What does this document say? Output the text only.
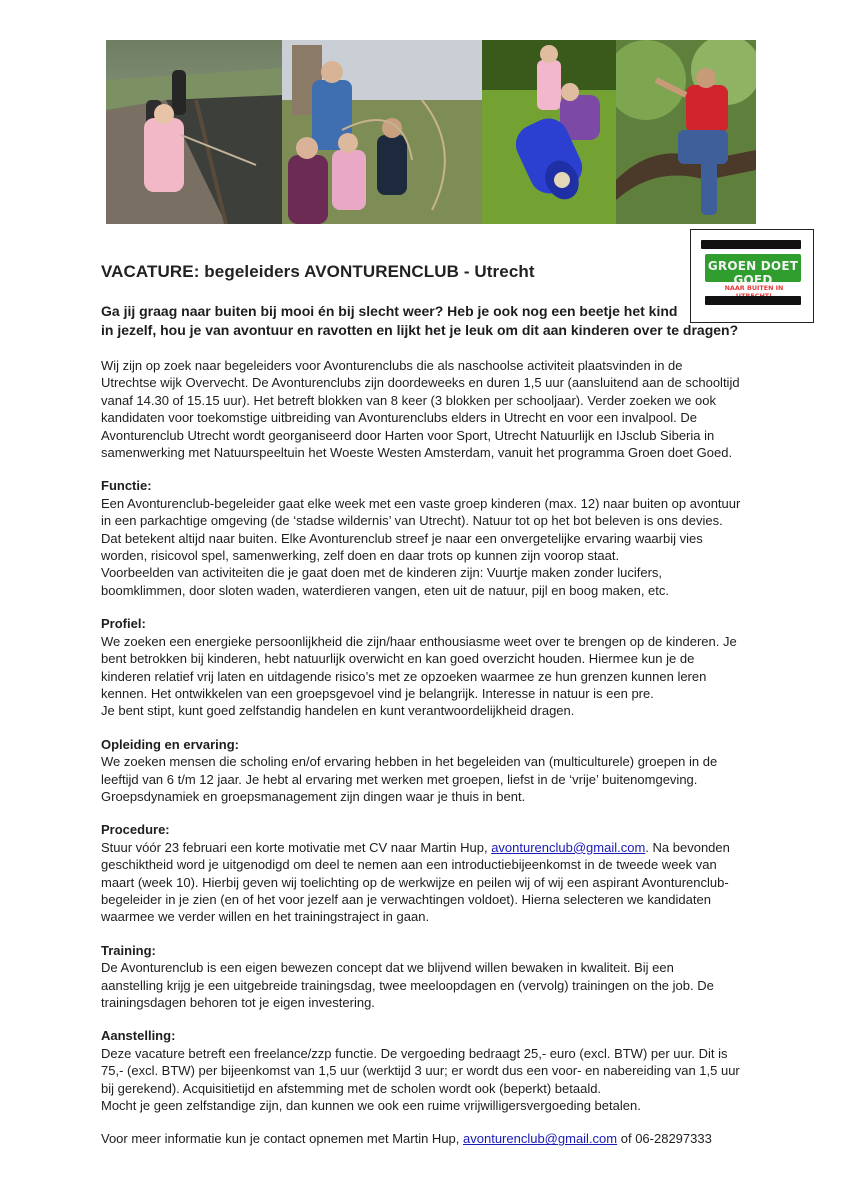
GROEN DOET GOED
NAAR BUITEN IN
VACATURE: begeleiders AVONTURENCLUB - Utrecht
Ga jij graag naar buiten bij mooi én bij slecht weer? Heb je ook nog een beetje het kind
in jezelf, hou je van avontuur en ravotten en lijkt het je leuk om dit aan kinderen over te dragen?

Wij zijn op zoek naar begeleiders voor Avonturenclubs die als naschoolse activiteit plaatsvinden in de
Utrechtse wijk Overvecht. De Avonturenclubs zijn doordeweeks en duren 1,5 uur (aansluitend aan de schooltijd
vanaf 14.30 of 15.15 uur). Het betreft blokken van 8 keer (3 blokken per schooljaar). Verder zoeken we ook
kandidaten voor toekomstige uitbreiding van Avonturenclubs elders in Utrecht en voor een invalpool. De
Avonturenclub Utrecht wordt georganiseerd door Harten voor Sport, Utrecht Natuurlijk en IJsclub Siberia in
samenwerking met Natuurspeeltuin het Woeste Westen Amsterdam, vanuit het programma Groen doet Goed.

Functie:
Een Avonturenclub-begeleider gaat elke week met een vaste groep kinderen (max. 12) naar buiten op avontuur
in een parkachtige omgeving (de ‘stadse wildernis’ van Utrecht). Natuur tot op het bot beleven is ons devies.
Dat betekent altijd naar buiten. Elke Avonturenclub streef je naar een onvergetelijke ervaring waarbij vies
worden, risicovol spel, samenwerking, zelf doen en daar trots op kunnen zijn voorop staat.
Voorbeelden van activiteiten die je gaat doen met de kinderen zijn: Vuurtje maken zonder lucifers,
boomklimmen, door sloten waden, waterdieren vangen, eten uit de natuur, pijl en boog maken, etc.

Profiel:
We zoeken een energieke persoonlijkheid die zijn/haar enthousiasme weet over te brengen op de kinderen. Je
bent betrokken bij kinderen, hebt natuurlijk overwicht en kan goed overzicht houden. Hiermee kun je de
kinderen relatief vrij laten en uitdagende risico’s met ze opzoeken waarmee ze hun grenzen kunnen leren
kennen. Het ontwikkelen van een groepsgevoel vind je belangrijk. Interesse in natuur is een pre.
Je bent stipt, kunt goed zelfstandig handelen en kunt verantwoordelijkheid dragen.

Opleiding en ervaring:
We zoeken mensen die scholing en/of ervaring hebben in het begeleiden van (multiculturele) groepen in de
leeftijd van 6 t/m 12 jaar. Je hebt al ervaring met werken met groepen, liefst in de ‘vrije’ buitenomgeving.
Groepsdynamiek en groepsmanagement zijn dingen waar je thuis in bent.

Procedure:
Stuur vóór 23 februari een korte motivatie met CV naar Martin Hup, avonturenclub@gmail.com. Na bevonden
geschiktheid word je uitgenodigd om deel te nemen aan een introductiebijeenkomst in de tweede week van
maart (week 10). Hierbij geven wij toelichting op de werkwijze en peilen wij of wij een aspirant Avonturenclub-
begeleider in je zien (en of het voor jezelf aan je verwachtingen voldoet). Hierna selecteren we kandidaten
waarmee we verder willen en het trainingstraject in gaan.

Training:
De Avonturenclub is een eigen bewezen concept dat we blijvend willen bewaken in kwaliteit. Bij een
aanstelling krijg je een uitgebreide trainingsdag, twee meeloopdagen en (vervolg) trainingen on the job. De
trainingsdagen behoren tot je eigen investering.

Aanstelling:
Deze vacature betreft een freelance/zzp functie. De vergoeding bedraagt 25,- euro (excl. BTW) per uur. Dit is
75,- (excl. BTW) per bijeenkomst van 1,5 uur (werktijd 3 uur; er wordt dus een voor- en nabereiding van 1,5 uur
bij gerekend). Acquisitietijd en afstemming met de scholen wordt ook (beperkt) betaald.
Mocht je geen zelfstandige zijn, dan kunnen we ook een ruime vrijwilligersvergoeding betalen.

Voor meer informatie kun je contact opnemen met Martin Hup, avonturenclub@gmail.com of 06-28297333
